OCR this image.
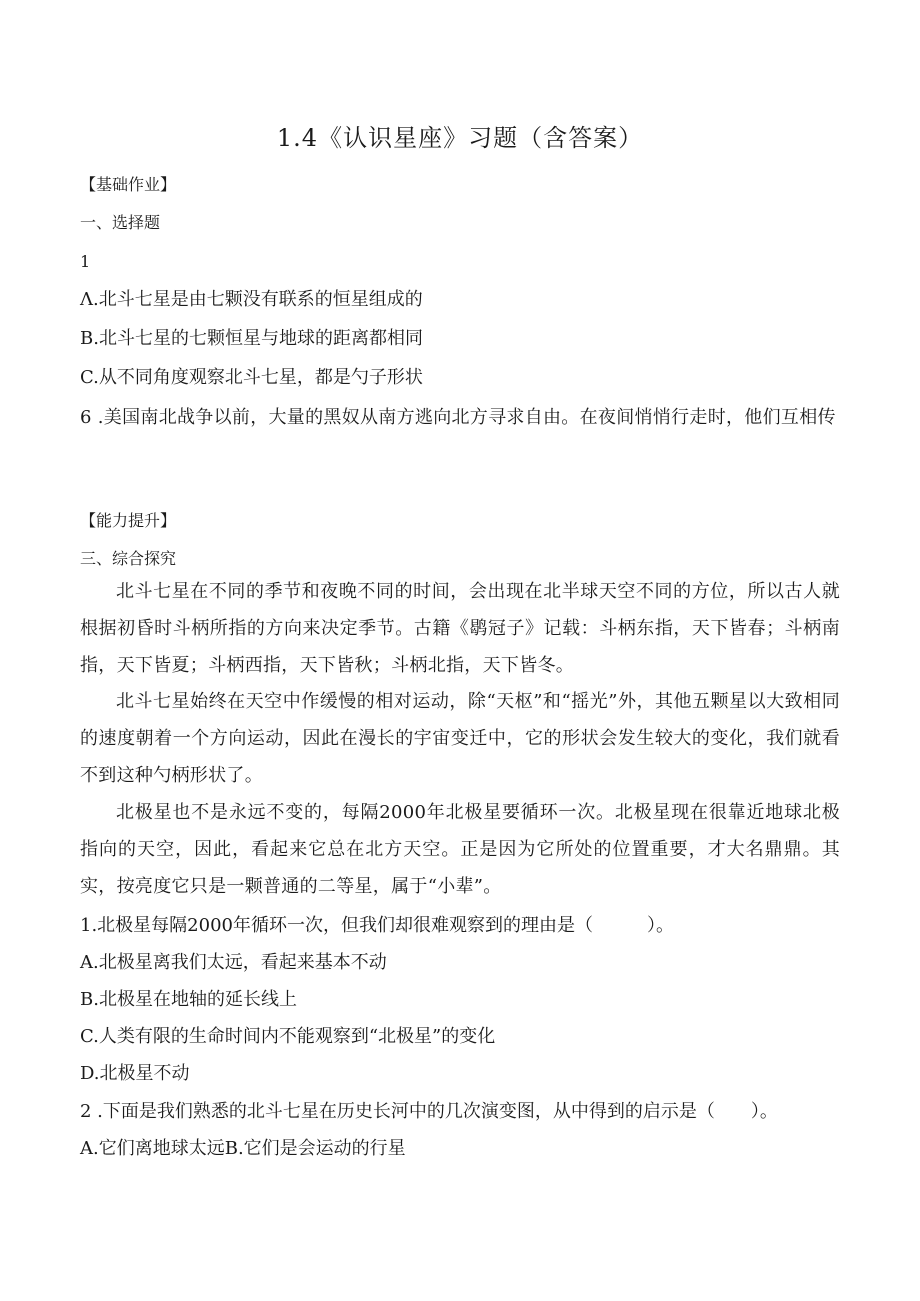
1.4《认识星座》习题（含答案）
【基础作业】
一、选择题
1
Λ.北斗七星是由七颗没有联系的恒星组成的
B.北斗七星的七颗恒星与地球的距离都相同
C.从不同角度观察北斗七星，都是勺子形状
6 .美国南北战争以前，大量的黑奴从南方逃向北方寻求自由。在夜间悄悄行走时，他们互相传
【能力提升】
三、综合探究
北斗七星在不同的季节和夜晚不同的时间，会出现在北半球天空不同的方位，所以古人就根据初昏时斗柄所指的方向来决定季节。古籍《鹖冠子》记载：斗柄东指，天下皆春；斗柄南指，天下皆夏；斗柄西指，天下皆秋；斗柄北指，天下皆冬。
北斗七星始终在天空中作缓慢的相对运动，除“天枢”和“摇光”外，其他五颗星以大致相同的速度朝着一个方向运动，因此在漫长的宇宙变迁中，它的形状会发生较大的变化，我们就看不到这种勺柄形状了。
北极星也不是永远不变的，每隔2000年北极星要循环一次。北极星现在很靠近地球北极指向的天空，因此，看起来它总在北方天空。正是因为它所处的位置重要，才大名鼎鼎。其实，按亮度它只是一颗普通的二等星，属于“小辈”。
1.北极星每隔2000年循环一次，但我们却很难观察到的理由是（　　　）。
A.北极星离我们太远，看起来基本不动
B.北极星在地轴的延长线上
C.人类有限的生命时间内不能观察到“北极星”的变化
D.北极星不动
2 .下面是我们熟悉的北斗七星在历史长河中的几次演变图，从中得到的启示是（　　）。
A.它们离地球太远B.它们是会运动的行星
